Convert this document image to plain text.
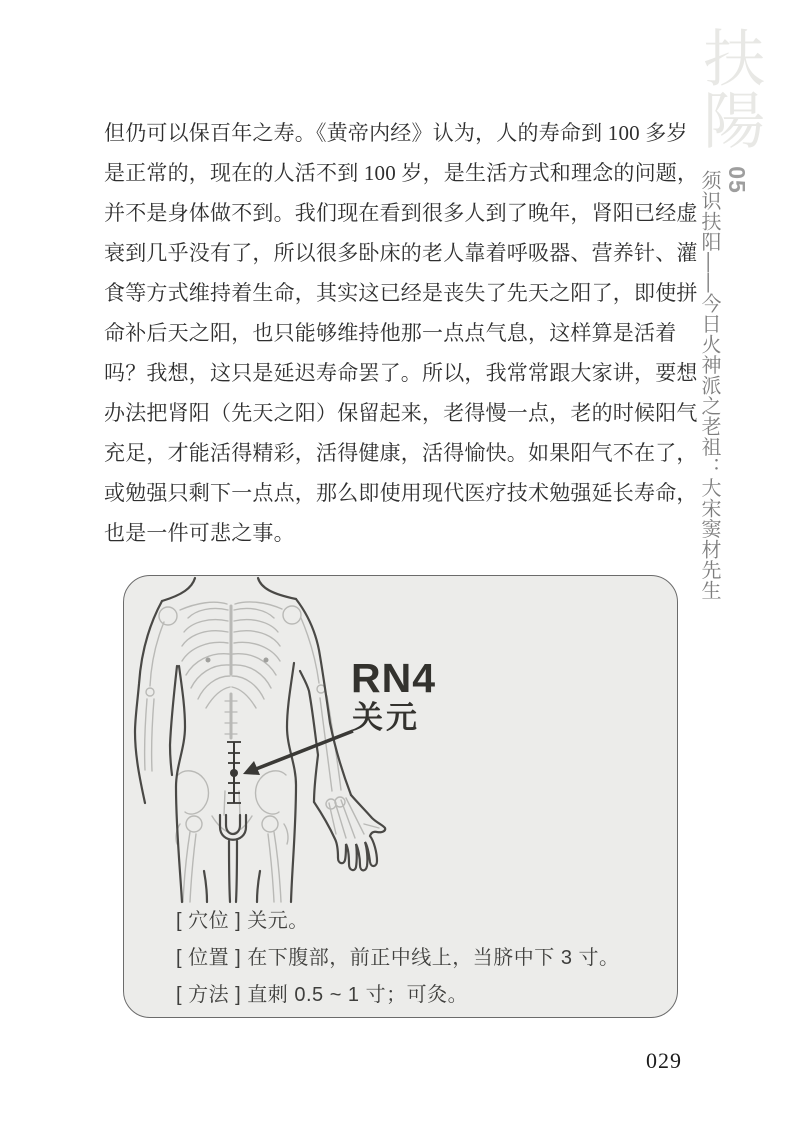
但仍可以保百年之寿。《黄帝内经》认为，人的寿命到 100 多岁
是正常的，现在的人活不到 100 岁，是生活方式和理念的问题，
并不是身体做不到。我们现在看到很多人到了晚年，肾阳已经虚
衰到几乎没有了，所以很多卧床的老人靠着呼吸器、营养针、灌
食等方式维持着生命，其实这已经是丧失了先天之阳了，即使拼
命补后天之阳，也只能够维持他那一点点气息，这样算是活着
吗？我想，这只是延迟寿命罢了。所以，我常常跟大家讲，要想
办法把肾阳（先天之阳）保留起来，老得慢一点，老的时候阳气
充足，才能活得精彩，活得健康，活得愉快。如果阳气不在了，
或勉强只剩下一点点，那么即使用现代医疗技术勉强延长寿命，
也是一件可悲之事。
扶陽
05
须识扶阳——今日火神派之老祖：大宋窦材先生
RN4
关元
[ 穴位 ] 关元。
[ 位置 ] 在下腹部，前正中线上，当脐中下 3 寸。
[ 方法 ] 直刺 0.5 ~ 1 寸；可灸。
029
